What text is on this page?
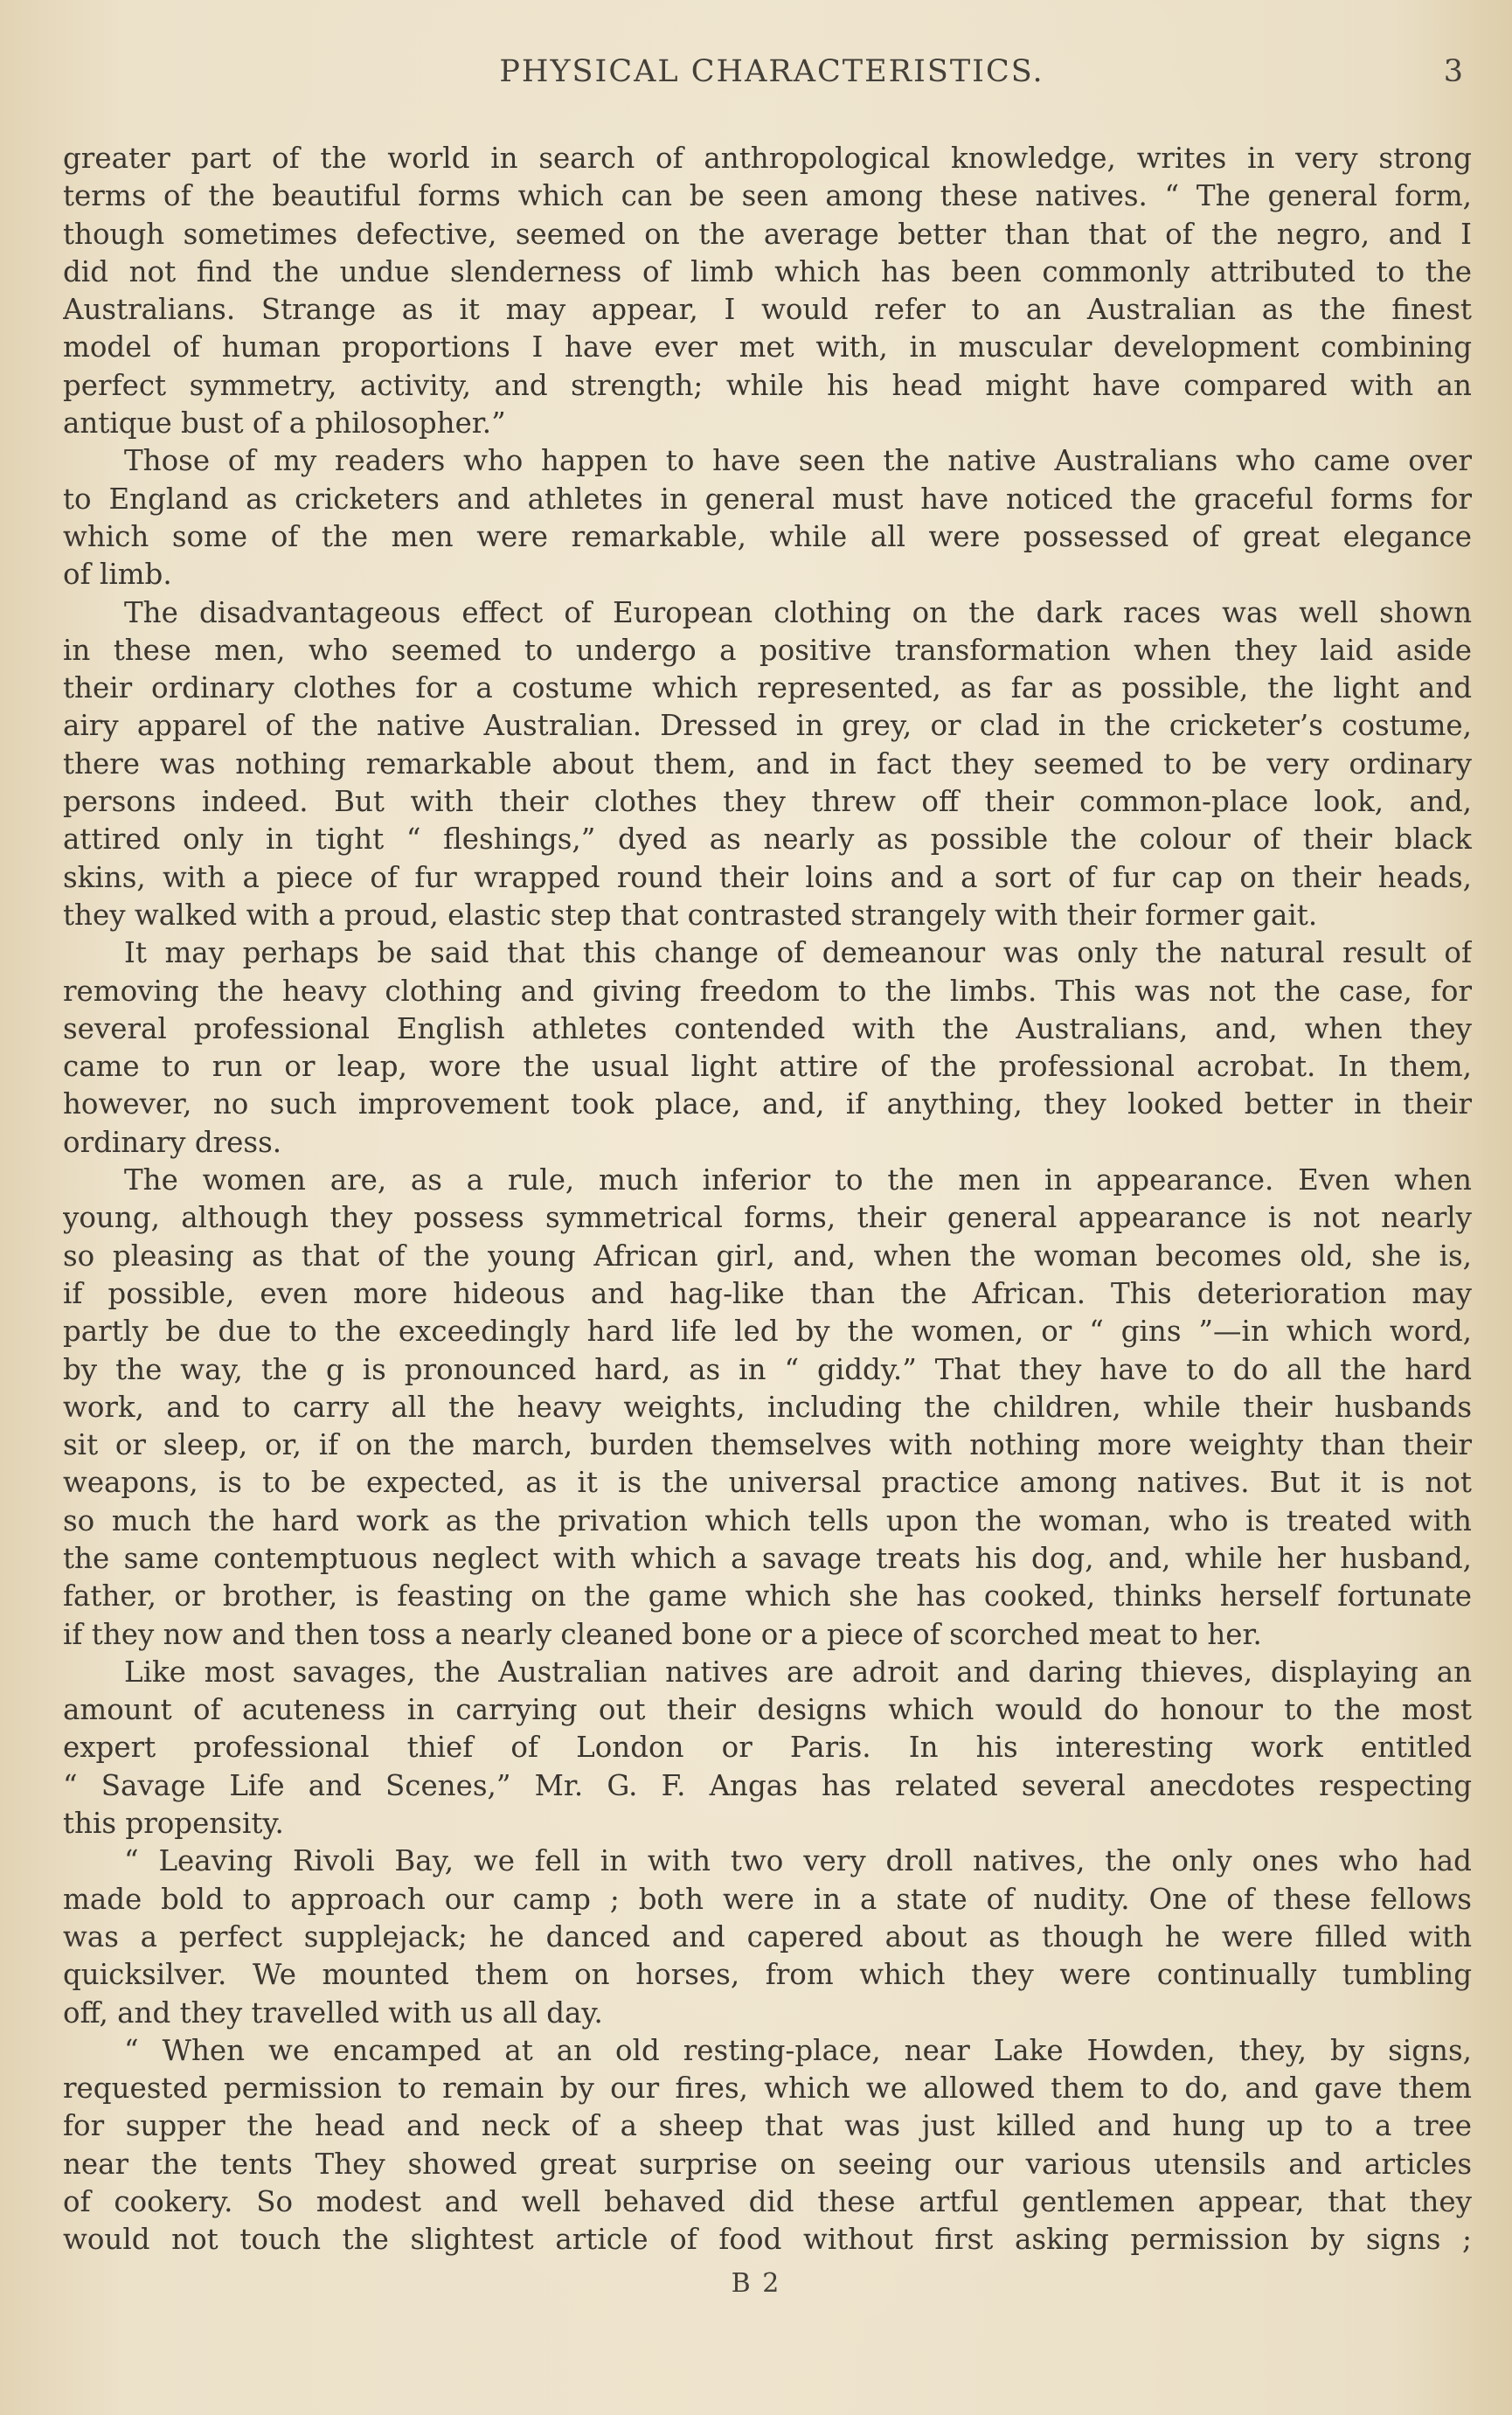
PHYSICAL CHARACTERISTICS.	3
greater part of the world in search of anthropological knowledge, writes in very strong
terms of the beautiful forms which can be seen among these natives. “ The general form,
though sometimes defective, seemed on the average better than that of the negro, and I
did not find the undue slenderness of limb which has been commonly attributed to the
Australians. Strange as it may appear, I would refer to an Australian as the finest
model of human proportions I have ever met with, in muscular development combining
perfect symmetry, activity, and strength; while his head might have compared with an
antique bust of a philosopher.”
Those of my readers who happen to have seen the native Australians who came over
to England as cricketers and athletes in general must have noticed the graceful forms for
which some of the men were remarkable, while all were possessed of great elegance
of limb.
The disadvantageous effect of European clothing on the dark races was well shown
in these men, who seemed to undergo a positive transformation when they laid aside
their ordinary clothes for a costume which represented, as far as possible, the light and
airy apparel of the native Australian. Dressed in grey, or clad in the cricketer’s costume,
there was nothing remarkable about them, and in fact they seemed to be very ordinary
persons indeed. But with their clothes they threw off their common-place look, and,
attired only in tight “ fleshings,” dyed as nearly as possible the colour of their black
skins, with a piece of fur wrapped round their loins and a sort of fur cap on their heads,
they walked with a proud, elastic step that contrasted strangely with their former gait.
It may perhaps be said that this change of demeanour was only the natural result of
removing the heavy clothing and giving freedom to the limbs. This was not the case, for
several professional English athletes contended with the Australians, and, when they
came to run or leap, wore the usual light attire of the professional acrobat. In them,
however, no such improvement took place, and, if anything, they looked better in their
ordinary dress.
The women are, as a rule, much inferior to the men in appearance. Even when
young, although they possess symmetrical forms, their general appearance is not nearly
so pleasing as that of the young African girl, and, when the woman becomes old, she is,
if possible, even more hideous and hag-like than the African. This deterioration may
partly be due to the exceedingly hard life led by the women, or “ gins ”—in which word,
by the way, the g is pronounced hard, as in “ giddy.” That they have to do all the hard
work, and to carry all the heavy weights, including the children, while their husbands
sit or sleep, or, if on the march, burden themselves with nothing more weighty than their
weapons, is to be expected, as it is the universal practice among natives. But it is not
so much the hard work as the privation which tells upon the woman, who is treated with
the same contemptuous neglect with which a savage treats his dog, and, while her husband,
father, or brother, is feasting on the game which she has cooked, thinks herself fortunate
if they now and then toss a nearly cleaned bone or a piece of scorched meat to her.
Like most savages, the Australian natives are adroit and daring thieves, displaying an
amount of acuteness in carrying out their designs which would do honour to the most
expert professional thief of London or Paris. In his interesting work entitled
“ Savage Life and Scenes,” Mr. G. F. Angas has related several anecdotes respecting
this propensity.
“ Leaving Rivoli Bay, we fell in with two very droll natives, the only ones who had
made bold to approach our camp ; both were in a state of nudity. One of these fellows
was a perfect supplejack; he danced and capered about as though he were filled with
quicksilver. We mounted them on horses, from which they were continually tumbling
off, and they travelled with us all day.
“ When we encamped at an old resting-place, near Lake Howden, they, by signs,
requested permission to remain by our fires, which we allowed them to do, and gave them
for supper the head and neck of a sheep that was just killed and hung up to a tree
near the tents They showed great surprise on seeing our various utensils and articles
of cookery. So modest and well behaved did these artful gentlemen appear, that they
would not touch the slightest article of food without first asking permission by signs ;
B 2
